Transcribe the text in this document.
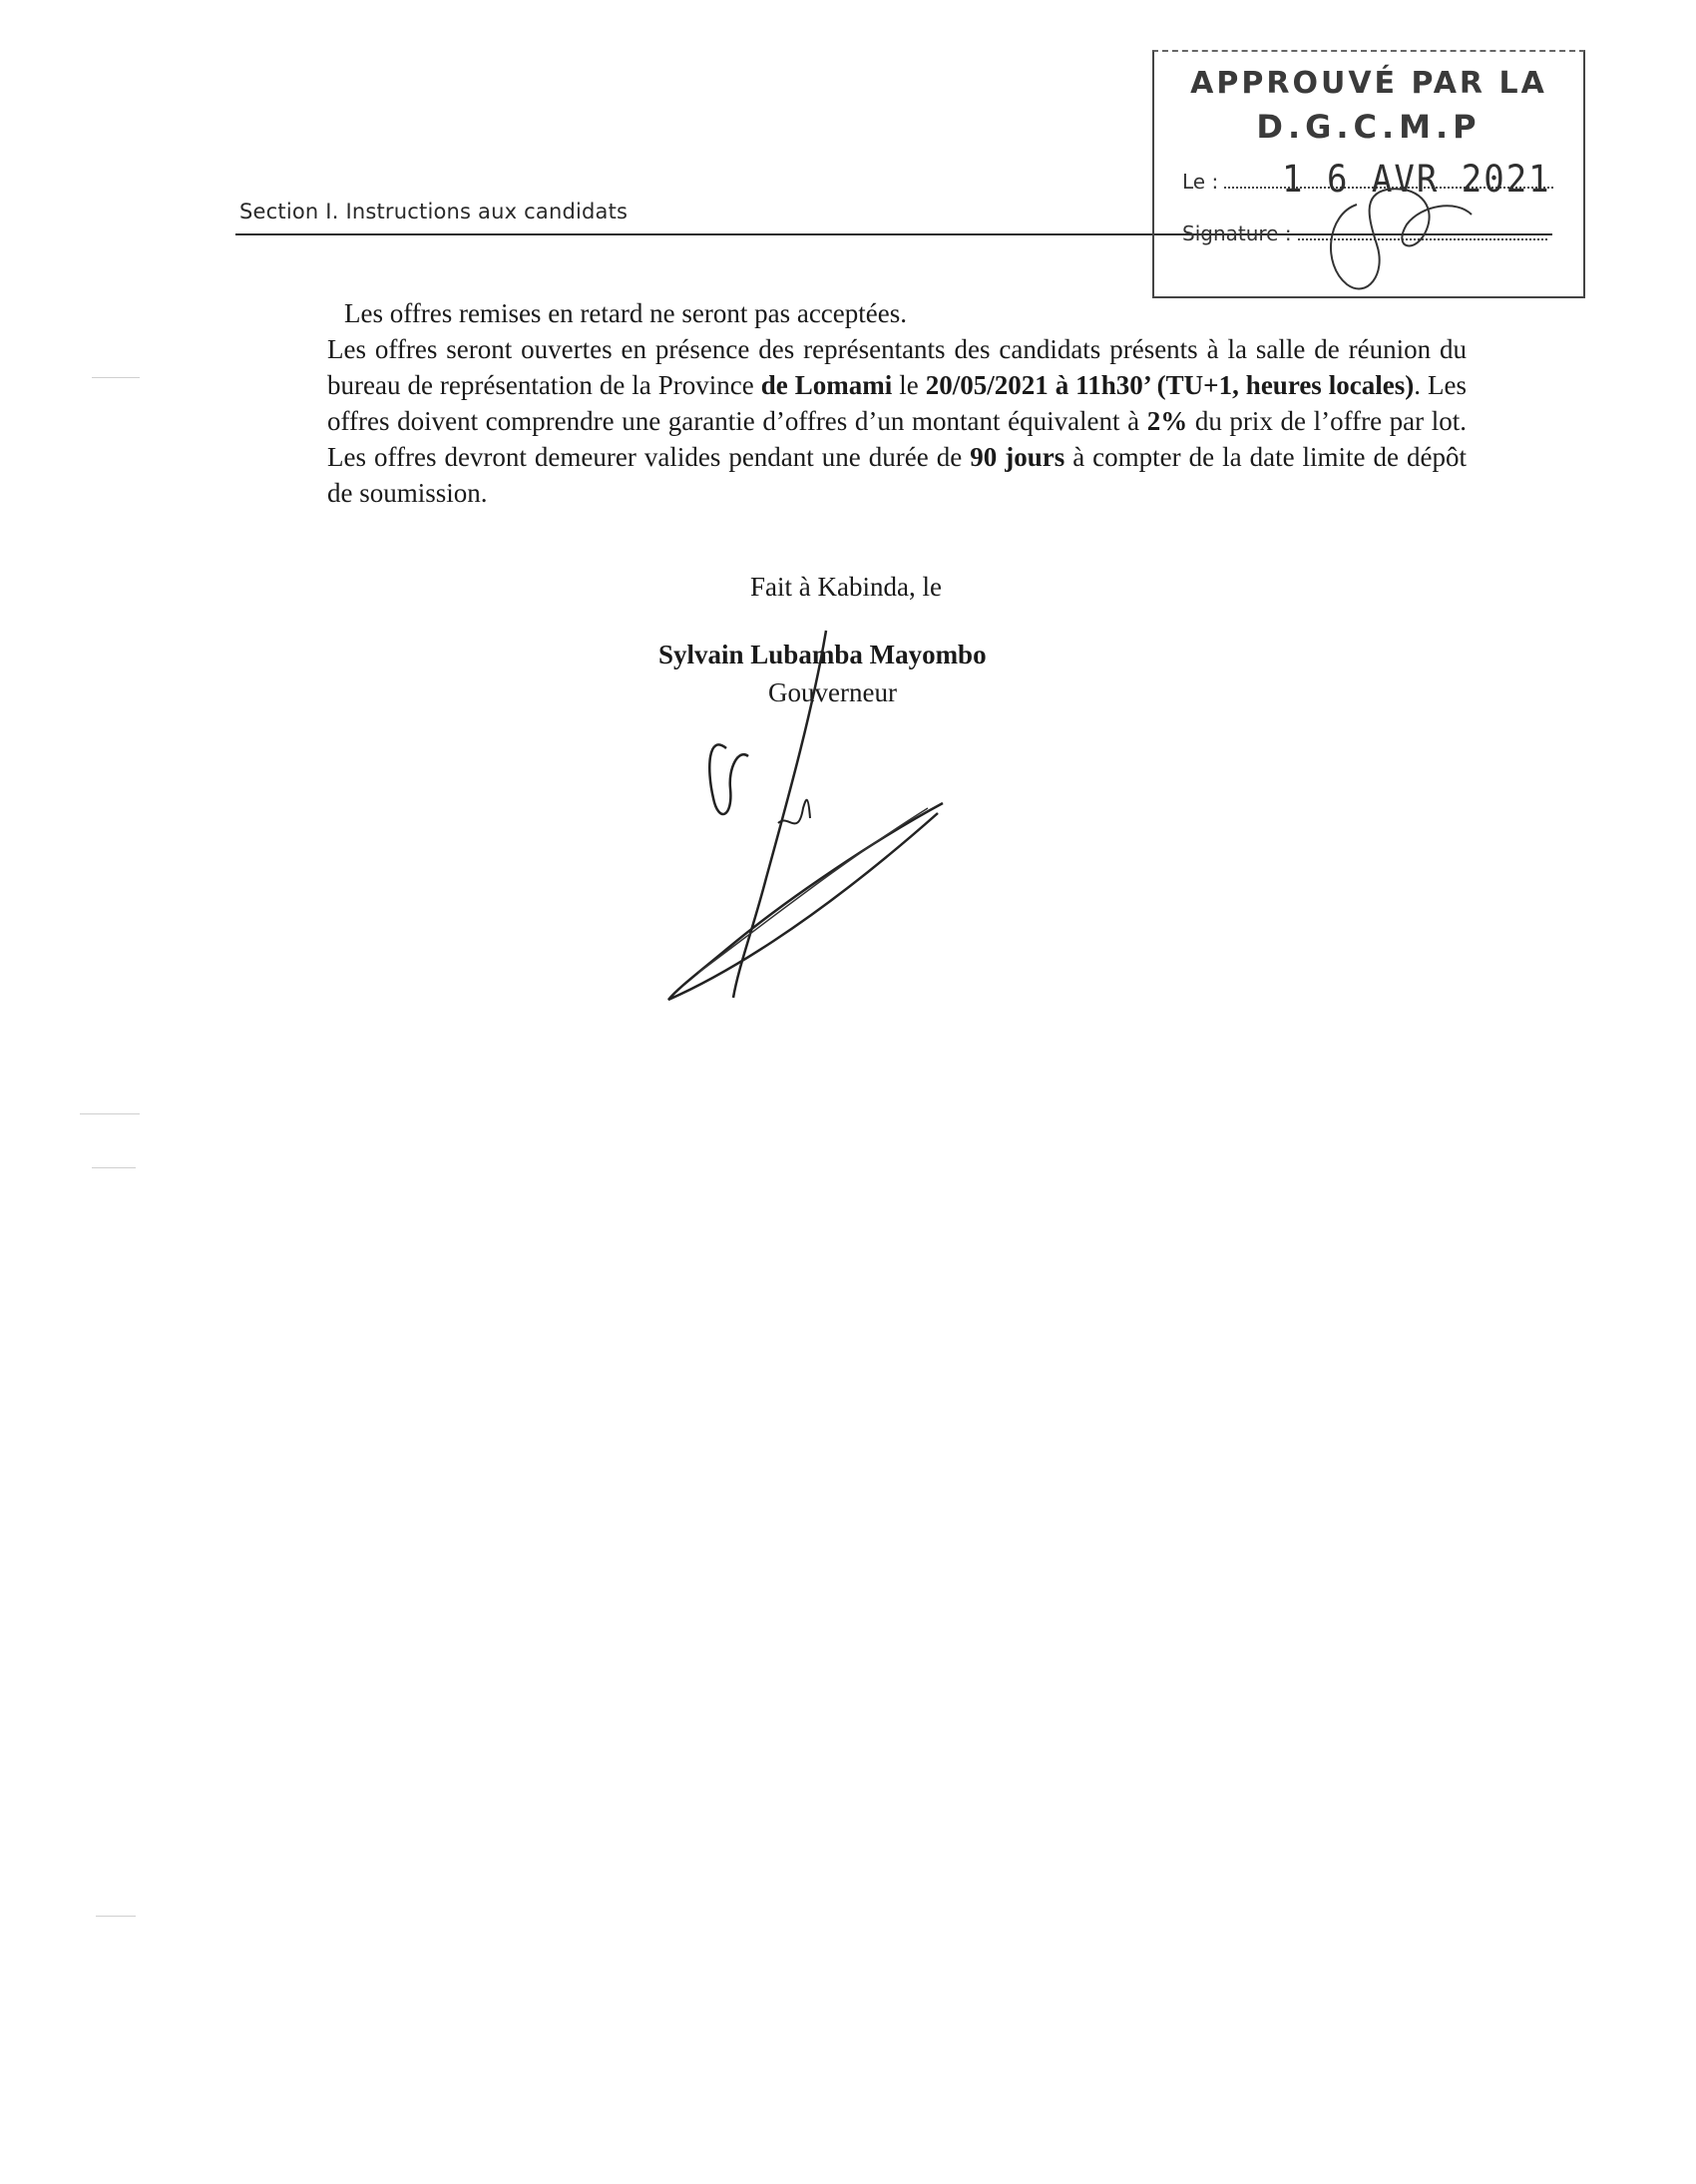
Section I. Instructions aux candidats
APPROUVÉ PAR LA
D.G.C.M.P
Le :	1 6 AVR 2021
Signature :
Les offres remises en retard ne seront pas acceptées.
Les offres seront ouvertes en présence des représentants des candidats présents à la salle de réunion du bureau de représentation de la Province de Lomami le 20/05/2021 à 11h30’ (TU+1, heures locales). Les offres doivent comprendre une garantie d’offres d’un montant équivalent à 2% du prix de l’offre par lot. Les offres devront demeurer valides pendant une durée de 90 jours à compter de la date limite de dépôt de soumission.
Fait à Kabinda, le
Sylvain Lubamba Mayombo
Gouverneur
